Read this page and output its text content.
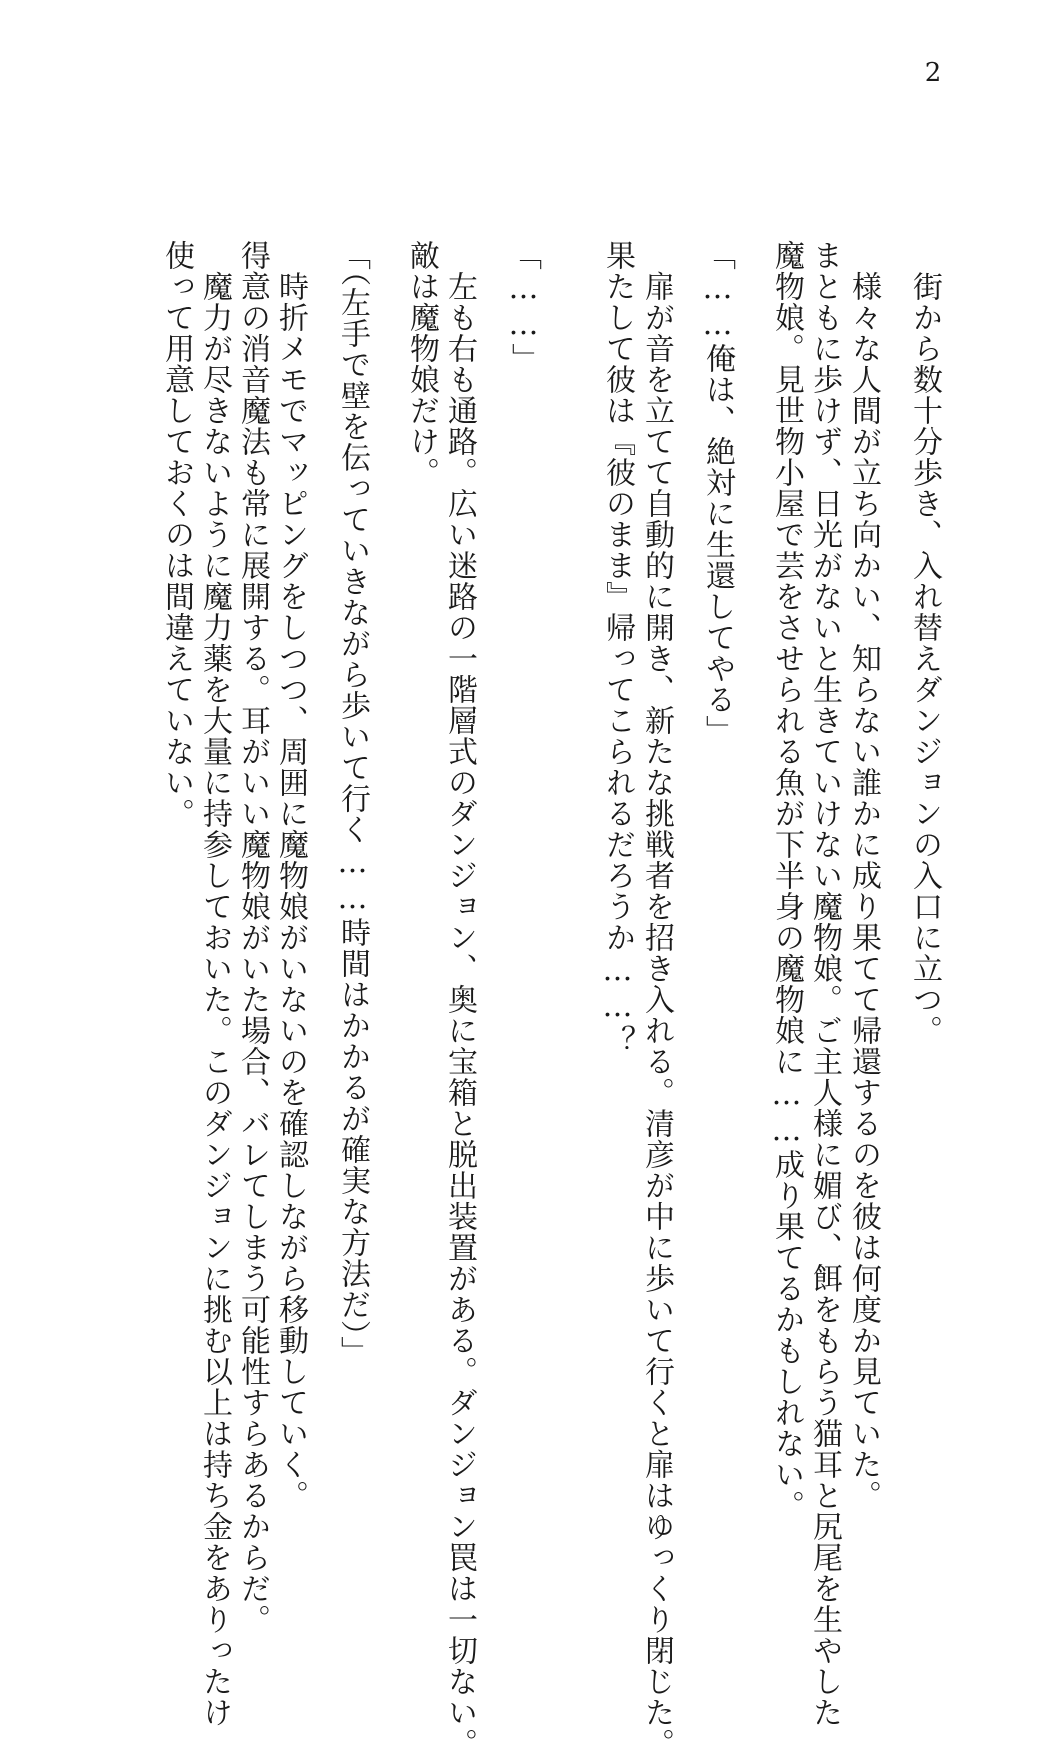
2
　街から数十分歩き、入れ替えダンジョンの入口に立つ。
　様々な人間が立ち向かい、知らない誰かに成り果てて帰還するのを彼は何度か見ていた。
まともに歩けず、日光がないと生きていけない魔物娘。ご主人様に媚び、餌をもらう猫耳と尻尾を生やした
魔物娘。見世物小屋で芸をさせられる魚が下半身の魔物娘に……成り果てるかもしれない。
「……俺は、絶対に生還してやる」
　扉が音を立てて自動的に開き、新たな挑戦者を招き入れる。清彦が中に歩いて行くと扉はゆっくり閉じた。
果たして彼は『彼のまま』帰ってこられるだろうか……？
「……」
　左も右も通路。広い迷路の一階層式のダンジョン、奥に宝箱と脱出装置がある。ダンジョン罠は一切ない。
敵は魔物娘だけ。
「（左手で壁を伝っていきながら歩いて行く……時間はかかるが確実な方法だ）」
　時折メモでマッピングをしつつ、周囲に魔物娘がいないのを確認しながら移動していく。
得意の消音魔法も常に展開する。耳がいい魔物娘がいた場合、バレてしまう可能性すらあるからだ。
　魔力が尽きないように魔力薬を大量に持参しておいた。このダンジョンに挑む以上は持ち金をありったけ
使って用意しておくのは間違えていない。
